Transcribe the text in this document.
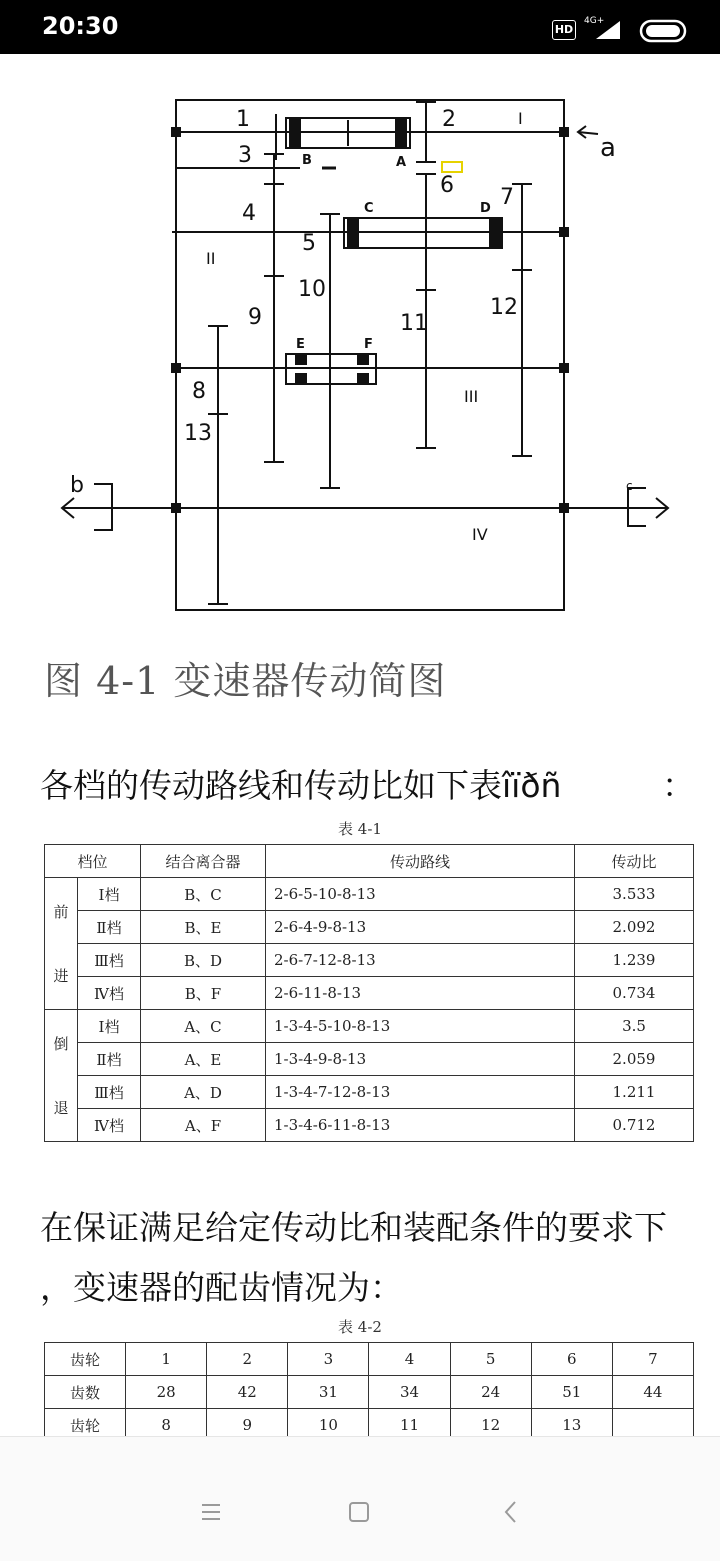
20:30	HD
4G+
1	2
3
4
5
6 7
8
9
10
11
12
13
A
B
C	D
E	F
I
II
III
IV
a
b	c
图 4-1 变速器传动简图
各档的传动路线和传动比如下表îïðñ	：
表 4-1
档位		结合离合器	传动路线	传动比

前
进	Ⅰ档	B、C	2-6-5-10-8-13	3.533
	Ⅱ档	B、E	2-6-4-9-8-13	2.092
	Ⅲ档	B、D	2-6-7-12-8-13	1.239
	Ⅳ档	B、F	2-6-11-8-13	0.734

倒
退	Ⅰ档	A、C	1-3-4-5-10-8-13	3.5
	Ⅱ档	A、E	1-3-4-9-8-13	2.059
	Ⅲ档	A、D	1-3-4-7-12-8-13	1.211
	Ⅳ档	A、F	1-3-4-6-11-8-13	0.712
在保证满足给定传动比和装配条件的要求下
，变速器的配齿情况为：
表 4-2
齿轮	1	2	3	4	5	6	7
齿数	28	42	31	34	24	51	44
齿轮	8	9	10	11	12	13	
